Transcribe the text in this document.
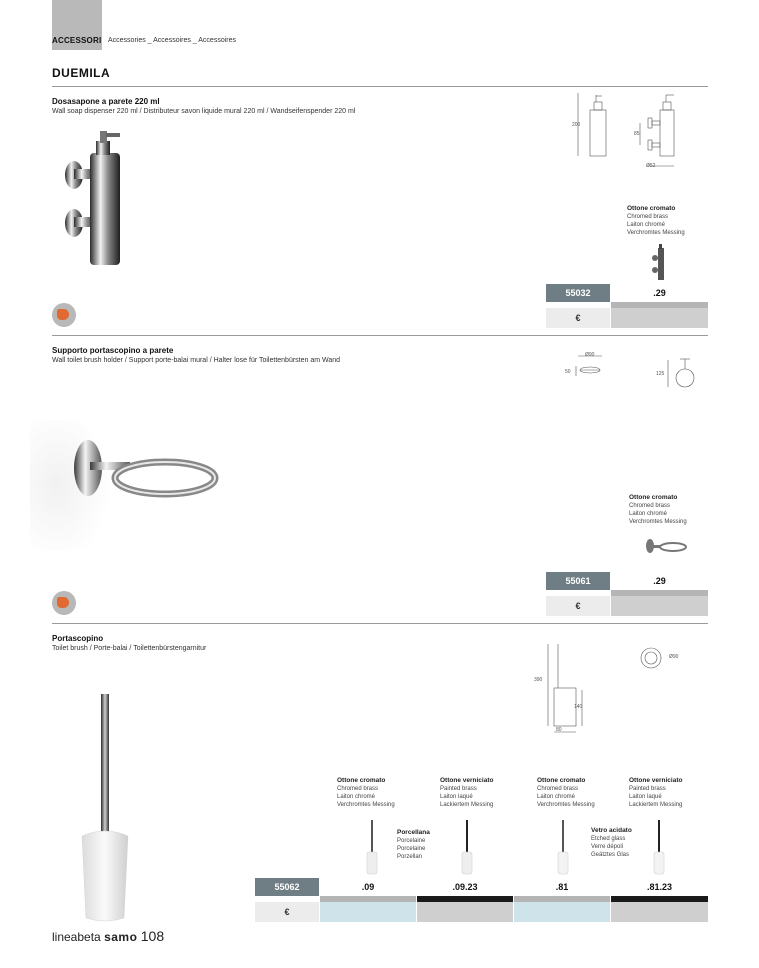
ACCESSORI Accessories _ Accessoires _ Accessoires
DUEMILA
Dosasapone a parete 220 ml
Wall soap dispenser 220 ml / Distributeur savon liquide mural 220 ml / Wandseifenspender 220 ml
200
85
Ø52
Ottone cromato
Chromed brass
Laiton chromé
Verchromtes Messing
55032	.29
€
Supporto portascopino a parete
Wall toilet brush holder / Support porte-balai mural / Halter lose für Toilettenbürsten am Wand
Ø90
50	125
Ottone cromato
Chromed brass
Laiton chromé
Verchromtes Messing
55061	.29
€
Portascopino
Toilet brush / Porte-balai / Toilettenbürstengarnitur
Ø90
390
140
80
Ottone cromato
Chromed brass
Laiton chromé
Verchromtes Messing
Ottone verniciato
Painted brass
Laiton laqué
Lackiertem Messing
Ottone cromato
Chromed brass
Laiton chromé
Verchromtes Messing
Ottone verniciato
Painted brass
Laiton laqué
Lackiertem Messing
Porcellana
Porcelaine
Porcelaine
Porzellan
Vetro acidato
Etched glass
Verre dépoli
Geätztes Glas
55062	.09	.09.23	.81	.81.23
€
lineabeta samo 108
